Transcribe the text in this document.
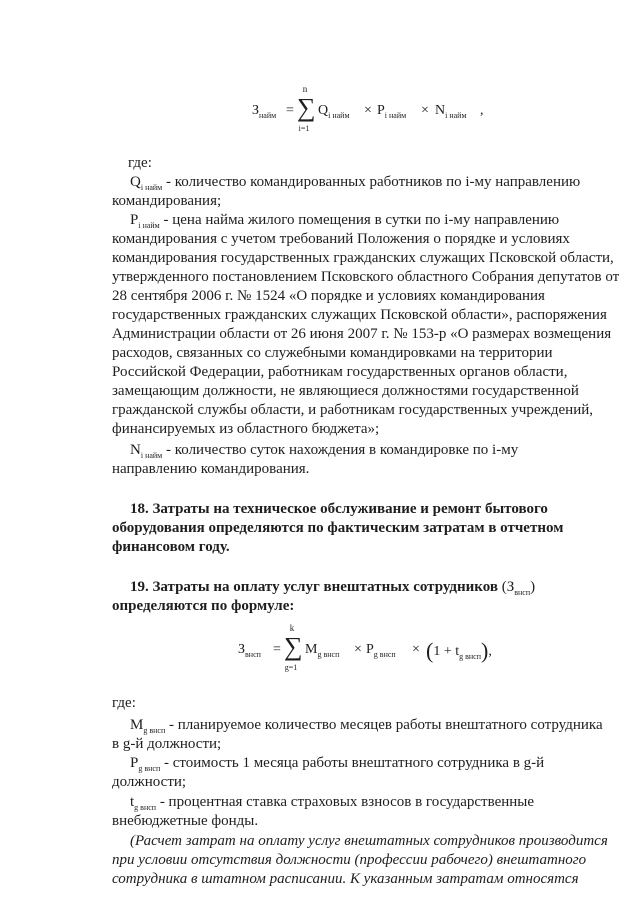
$З_{найм}$ =
n
∑
i=1
$Q_{i найм} \times P_{i найм} \times N_{i найм}$ ,
где:
$Q_{i найм}$ - количество командированных работников по i-му направлению
командирования;
$P_{i найм}$ - цена найма жилого помещения в сутки по i-му направлению
командирования с учетом требований Положения о порядке и условиях
командирования государственных гражданских служащих Псковской области,
утвержденного постановлением Псковского областного Собрания депутатов от
28 сентября 2006 г. № 1524 «О порядке и условиях командирования
государственных гражданских служащих Псковской области», распоряжения
Администрации области от 26 июня 2007 г. № 153-р «О размерах возмещения
расходов, связанных со служебными командировками на территории
Российской Федерации, работникам государственных органов области,
замещающим должности, не являющиеся должностями государственной
гражданской службы области, и работникам государственных учреждений,
финансируемых из областного бюджета»;
$N_{i найм}$ - количество суток нахождения в командировке по i-му
направлению командирования.
18. Затраты на техническое обслуживание и ремонт бытового
оборудования определяются по фактическим затратам в отчетном
финансовом году.
19. Затраты на оплату услуг внештатных сотрудников $(З_{внсп})$
определяются по формуле:
$З_{внсп}$ =
k
∑
g=1
$M_{g внсп} \times P_{g внсп} \times (1 + t_{g внсп})$,
где:
$M_{g внсп}$ - планируемое количество месяцев работы внештатного сотрудника
в g-й должности;
$P_{g внсп}$ - стоимость 1 месяца работы внештатного сотрудника в g-й
должности;
$t_{g внсп}$ - процентная ставка страховых взносов в государственные
внебюджетные фонды.
(Расчет затрат на оплату услуг внештатных сотрудников производится
при условии отсутствия должности (профессии рабочего) внештатного
сотрудника в штатном расписании. К указанным затратам относятся
